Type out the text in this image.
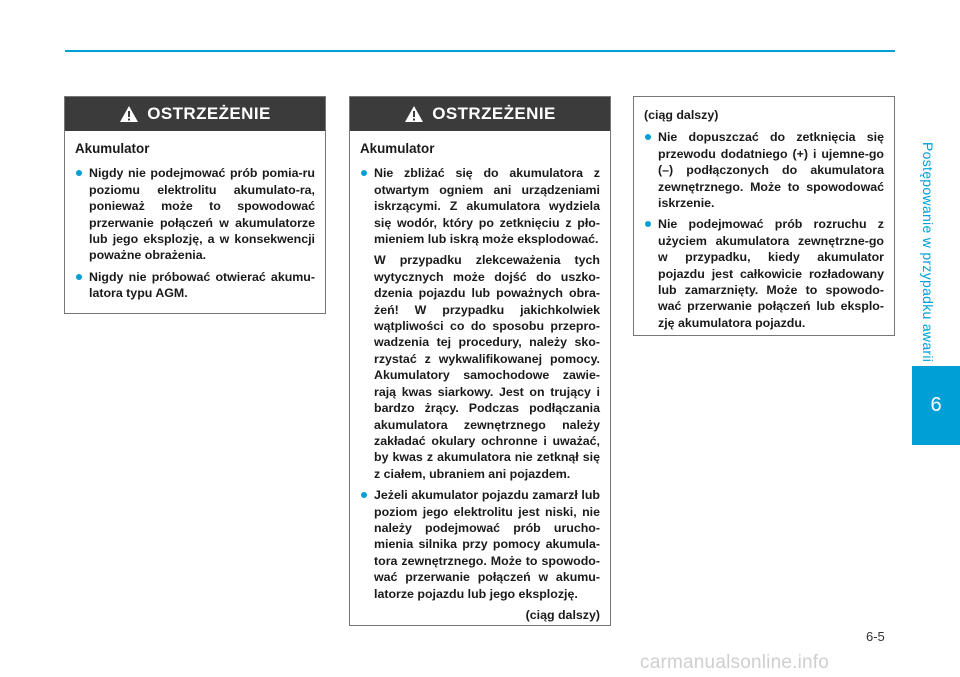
Postępowanie w przypadku awarii
6
OSTRZEŻENIE
Akumulator
Nigdy nie podejmować prób pomia-ru poziomu elektrolitu akumulato-ra, ponieważ może to spowodować przerwanie połączeń w akumulatorze lub jego eksplozję, a w konsekwencji poważne obrażenia.
Nigdy nie próbować otwierać akumu-latora typu AGM.
OSTRZEŻENIE
Akumulator
Nie zbliżać się do akumulatora z otwartym ogniem ani urządzeniami iskrzącymi. Z akumulatora wydziela się wodór, który po zetknięciu z pło-mieniem lub iskrą może eksplodować.

W przypadku zlekceważenia tych wytycznych może dojść do uszko-dzenia pojazdu lub poważnych obra-żeń! W przypadku jakichkolwiek wątpliwości co do sposobu przepro-wadzenia tej procedury, należy sko-rzystać z wykwalifikowanej pomocy. Akumulatory samochodowe zawie-rają kwas siarkowy. Jest on trujący i bardzo żrący. Podczas podłączania akumulatora zewnętrznego należy zakładać okulary ochronne i uważać, by kwas z akumulatora nie zetknął się z ciałem, ubraniem ani pojazdem.

Jeżeli akumulator pojazdu zamarzł lub poziom jego elektrolitu jest niski, nie należy podejmować prób urucho-mienia silnika przy pomocy akumula-tora zewnętrznego. Może to spowodo-wać przerwanie połączeń w akumu-latorze pojazdu lub jego eksplozję.
(ciąg dalszy)
(ciąg dalszy)
Nie dopuszczać do zetknięcia się przewodu dodatniego (+) i ujemne-go (–) podłączonych do akumulatora zewnętrznego. Może to spowodować iskrzenie.
Nie podejmować prób rozruchu z użyciem akumulatora zewnętrzne-go w przypadku, kiedy akumulator pojazdu jest całkowicie rozładowany lub zamarznięty. Może to spowodo-wać przerwanie połączeń lub eksplo-zję akumulatora pojazdu.
6-5
carmanualsonline.info
